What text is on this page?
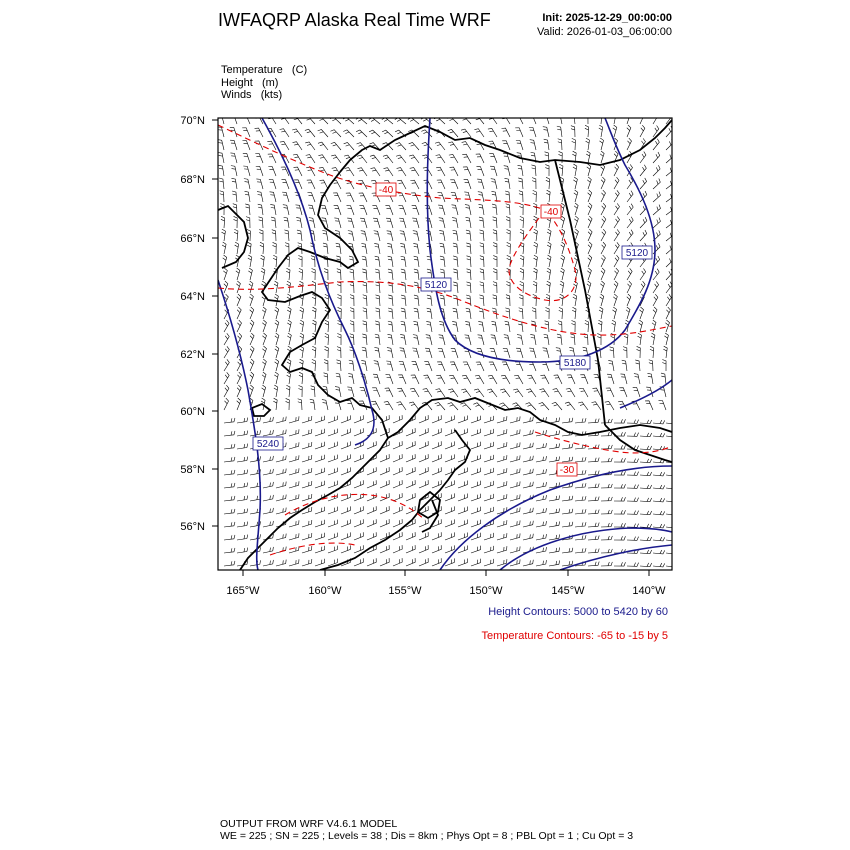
IWFAQRP Alaska Real Time WRF	Init: 2025-12-29_00:00:00
Valid: 2026-01-03_06:00:00
Temperature   (C)
Height   (m)
Winds   (kts)
5120
5120
5180
5240
-40
-40
-30
70°N
68°N
66°N
64°N
62°N
60°N
58°N
56°N
165°W	160°W	155°W	150°W	145°W	140°W
Height Contours: 5000 to 5420 by 60
Temperature Contours: -65 to -15 by 5
OUTPUT FROM WRF V4.6.1 MODEL
WE = 225 ; SN = 225 ; Levels = 38 ; Dis = 8km ; Phys Opt = 8 ; PBL Opt = 1 ; Cu Opt = 3
